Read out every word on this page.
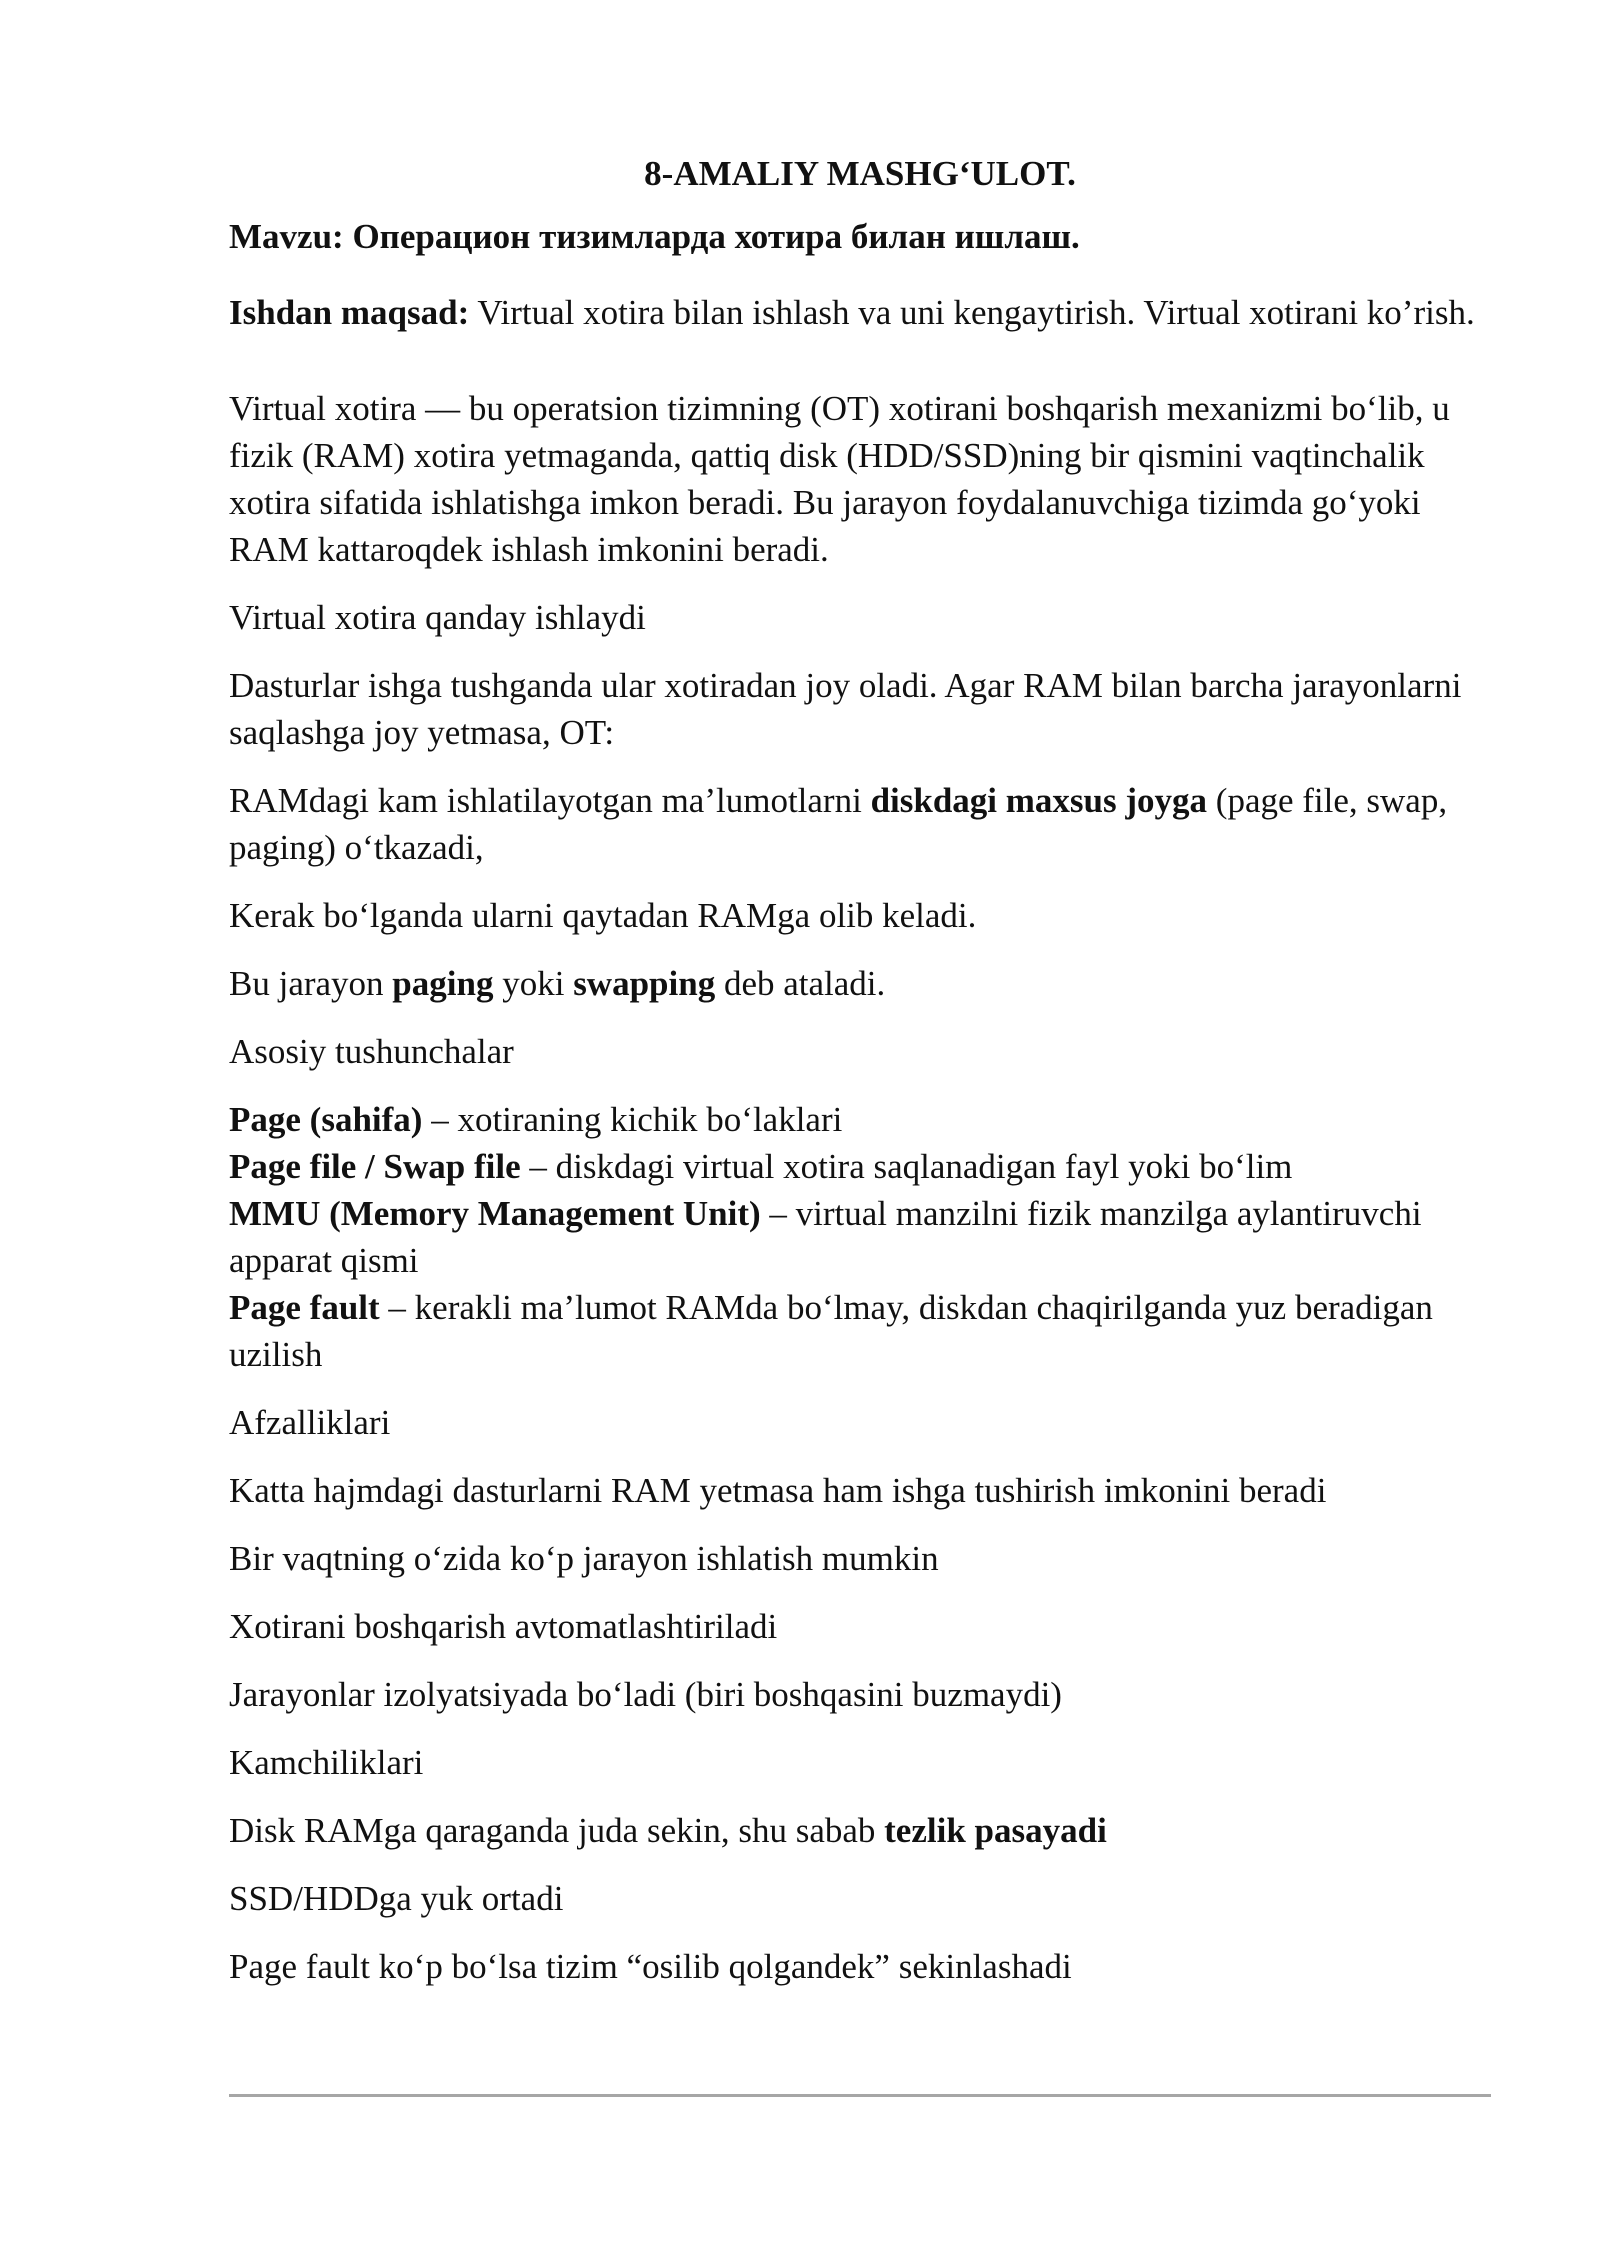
8-AMALIY MASHG‘ULOT.
Mavzu: Операцион тизимларда хотира билан ишлаш.
Ishdan maqsad: Virtual xotira bilan ishlash va uni kengaytirish. Virtual xotirani ko’rish.
Virtual xotira — bu operatsion tizimning (OT) xotirani boshqarish mexanizmi bo‘lib, u fizik (RAM) xotira yetmaganda, qattiq disk (HDD/SSD)ning bir qismini vaqtinchalik xotira sifatida ishlatishga imkon beradi. Bu jarayon foydalanuvchiga tizimda go‘yoki RAM kattaroqdek ishlash imkonini beradi.
Virtual xotira qanday ishlaydi
Dasturlar ishga tushganda ular xotiradan joy oladi. Agar RAM bilan barcha jarayonlarni saqlashga joy yetmasa, OT:
RAMdagi kam ishlatilayotgan ma’lumotlarni diskdagi maxsus joyga (page file, swap, paging) o‘tkazadi,
Kerak bo‘lganda ularni qaytadan RAMga olib keladi.
Bu jarayon paging yoki swapping deb ataladi.
Asosiy tushunchalar
Page (sahifa) – xotiraning kichik bo‘laklari
Page file / Swap file – diskdagi virtual xotira saqlanadigan fayl yoki bo‘lim
MMU (Memory Management Unit) – virtual manzilni fizik manzilga aylantiruvchi apparat qismi
Page fault – kerakli ma’lumot RAMda bo‘lmay, diskdan chaqirilganda yuz beradigan uzilish
Afzalliklari
Katta hajmdagi dasturlarni RAM yetmasa ham ishga tushirish imkonini beradi
Bir vaqtning o‘zida ko‘p jarayon ishlatish mumkin
Xotirani boshqarish avtomatlashtiriladi
Jarayonlar izolyatsiyada bo‘ladi (biri boshqasini buzmaydi)
Kamchiliklari
Disk RAMga qaraganda juda sekin, shu sabab tezlik pasayadi
SSD/HDDga yuk ortadi
Page fault ko‘p bo‘lsa tizim “osilib qolgandek” sekinlashadi
